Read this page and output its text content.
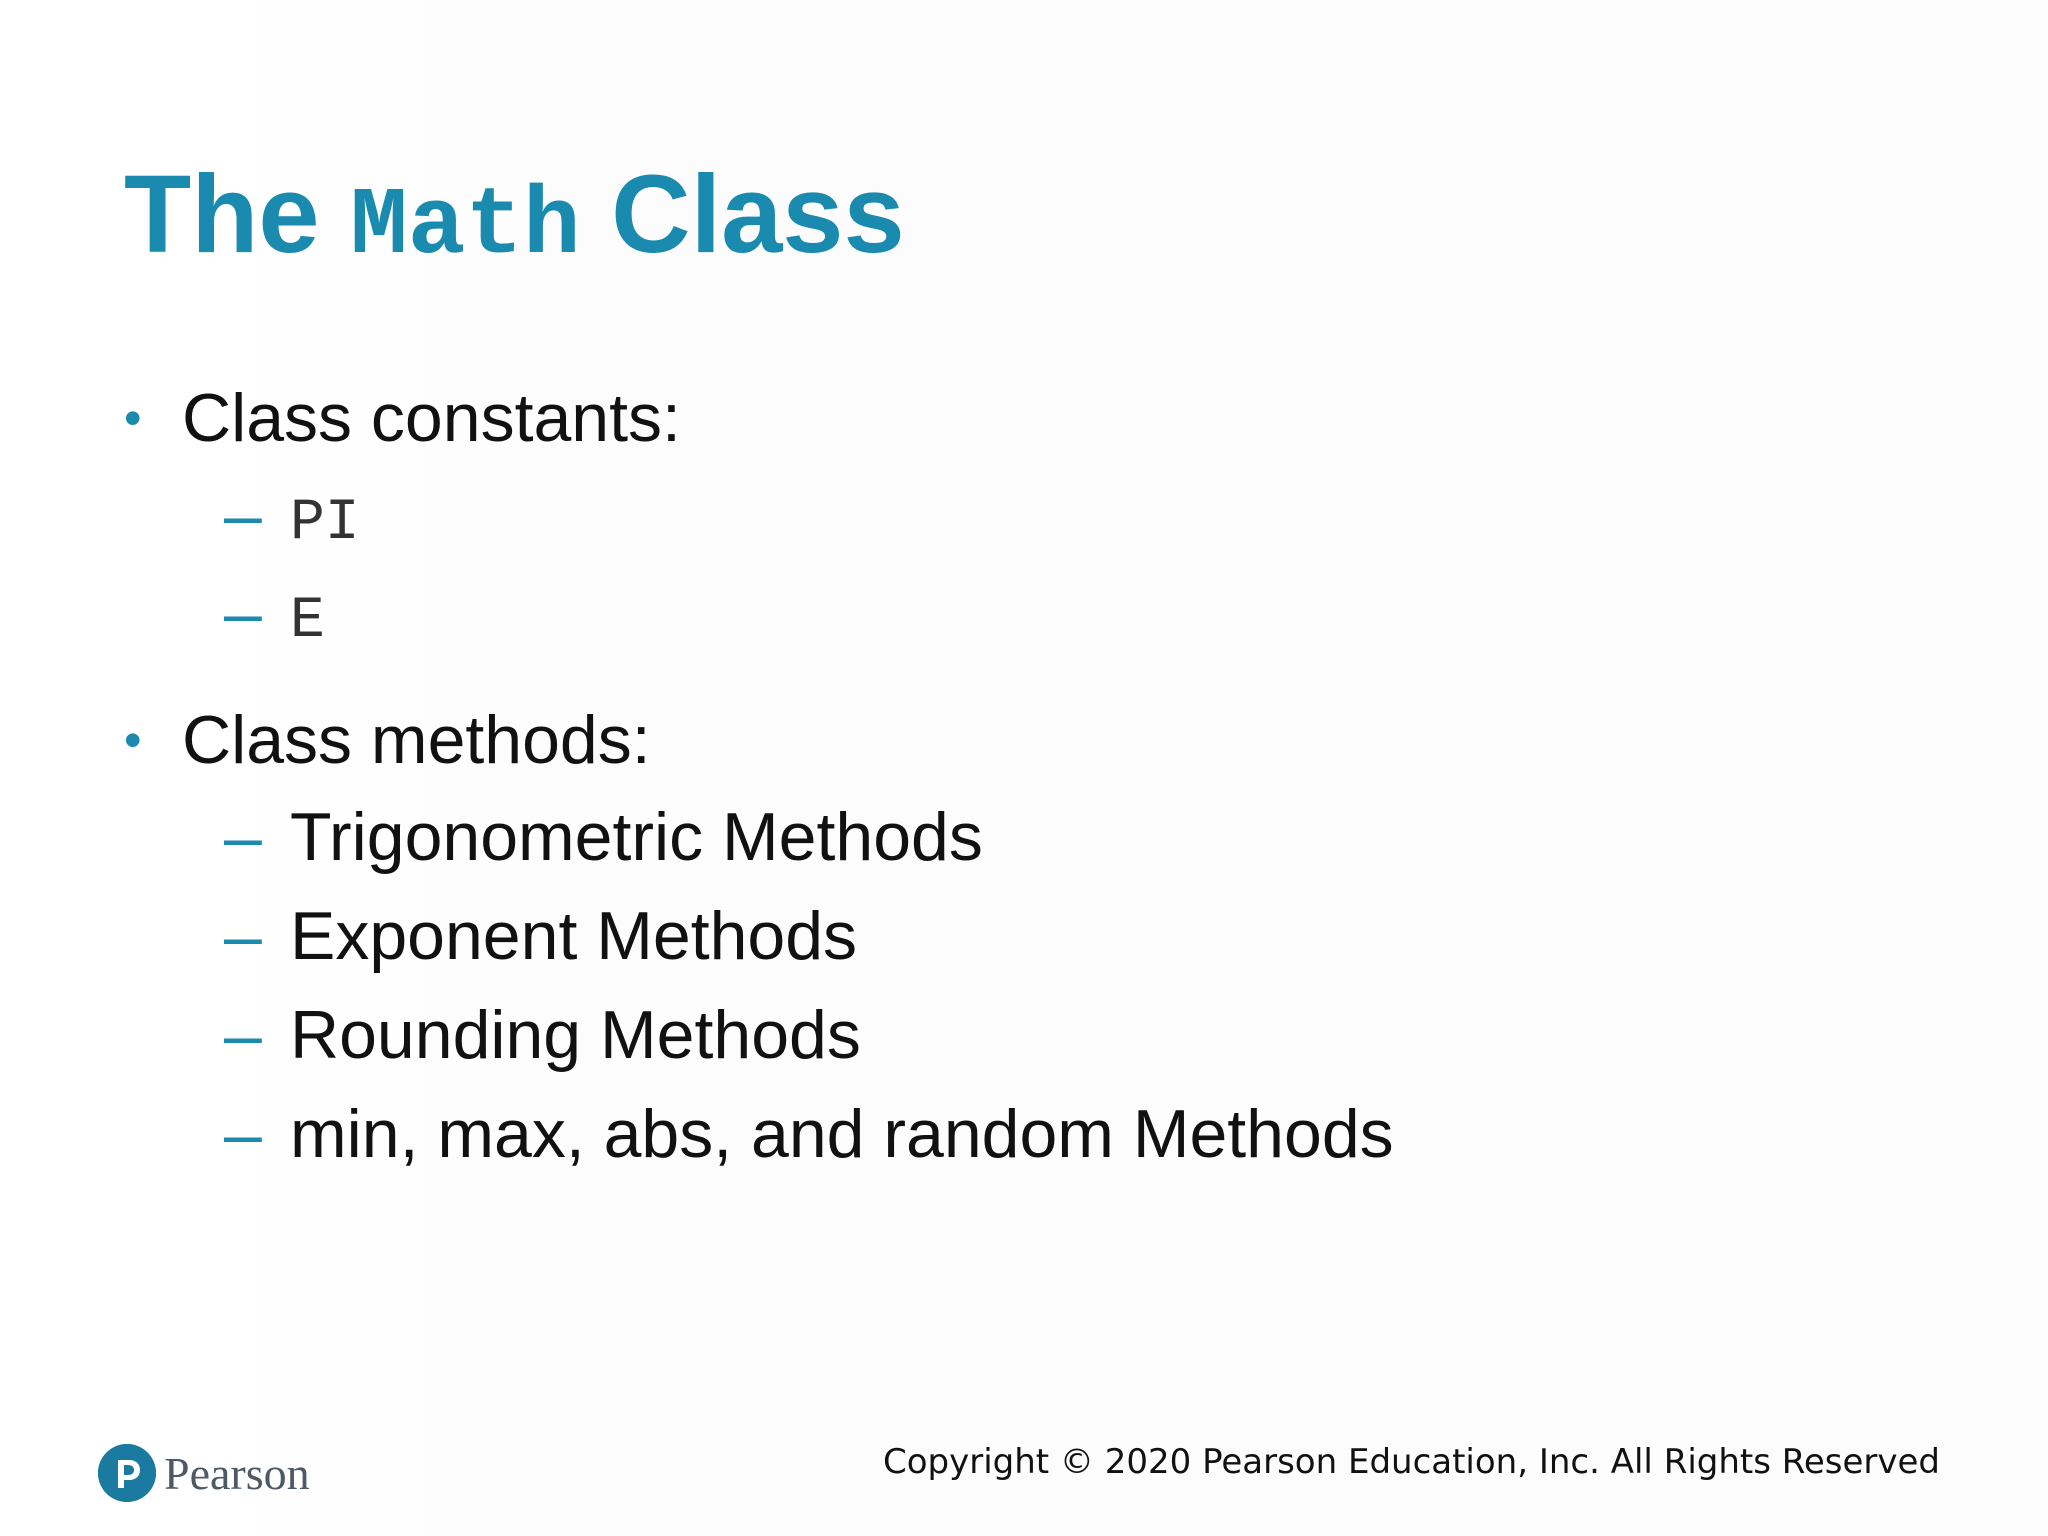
The Math Class
• Class constants:
– PI
– E
• Class methods:
– Trigonometric Methods
– Exponent Methods
– Rounding Methods
– min, max, abs, and random Methods
Pearson	Copyright © 2020 Pearson Education, Inc. All Rights Reserved
